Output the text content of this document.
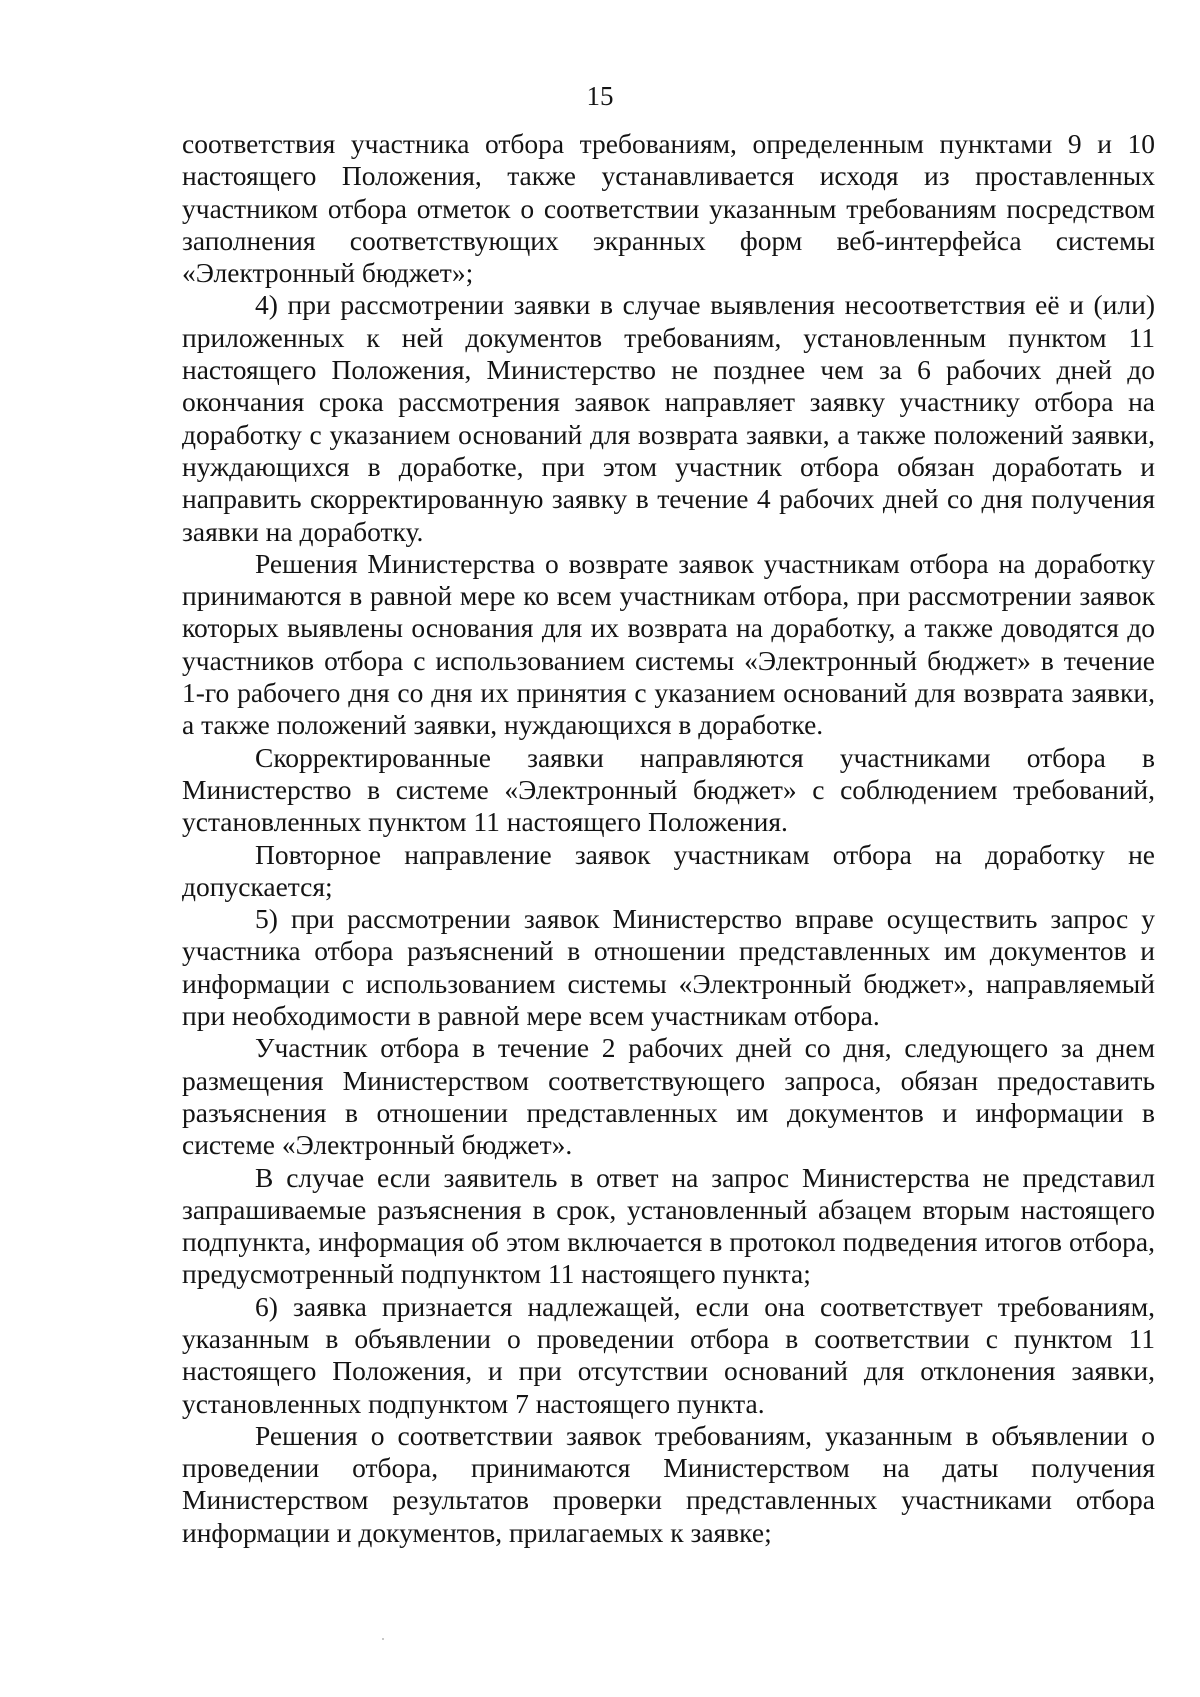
15

соответствия участника отбора требованиям, определенным пунктами 9 и 10 настоящего Положения, также устанавливается исходя из проставленных участником отбора отметок о соответствии указанным требованиям посредством заполнения соответствующих экранных форм веб-интерфейса системы «Электронный бюджет»;

4) при рассмотрении заявки в случае выявления несоответствия её и (или) приложенных к ней документов требованиям, установленным пунктом 11 настоящего Положения, Министерство не позднее чем за 6 рабочих дней до окончания срока рассмотрения заявок направляет заявку участнику отбора на доработку с указанием оснований для возврата заявки, а также положений заявки, нуждающихся в доработке, при этом участник отбора обязан доработать и направить скорректированную заявку в течение 4 рабочих дней со дня получения заявки на доработку.

Решения Министерства о возврате заявок участникам отбора на доработку принимаются в равной мере ко всем участникам отбора, при рассмотрении заявок которых выявлены основания для их возврата на доработку, а также доводятся до участников отбора с использованием системы «Электронный бюджет» в течение 1-го рабочего дня со дня их принятия с указанием оснований для возврата заявки, а также положений заявки, нуждающихся в доработке.

Скорректированные заявки направляются участниками отбора в Министерство в системе «Электронный бюджет» с соблюдением требований, установленных пунктом 11 настоящего Положения.

Повторное направление заявок участникам отбора на доработку не допускается;

5) при рассмотрении заявок Министерство вправе осуществить запрос у участника отбора разъяснений в отношении представленных им документов и информации с использованием системы «Электронный бюджет», направляемый при необходимости в равной мере всем участникам отбора.

Участник отбора в течение 2 рабочих дней со дня, следующего за днем размещения Министерством соответствующего запроса, обязан предоставить разъяснения в отношении представленных им документов и информации в системе «Электронный бюджет».

В случае если заявитель в ответ на запрос Министерства не представил запрашиваемые разъяснения в срок, установленный абзацем вторым настоящего подпункта, информация об этом включается в протокол подведения итогов отбора, предусмотренный подпунктом 11 настоящего пункта;

6) заявка признается надлежащей, если она соответствует требованиям, указанным в объявлении о проведении отбора в соответствии с пунктом 11 настоящего Положения, и при отсутствии оснований для отклонения заявки, установленных подпунктом 7 настоящего пункта.

Решения о соответствии заявок требованиям, указанным в объявлении о проведении отбора, принимаются Министерством на даты получения Министерством результатов проверки представленных участниками отбора информации и документов, прилагаемых к заявке;
